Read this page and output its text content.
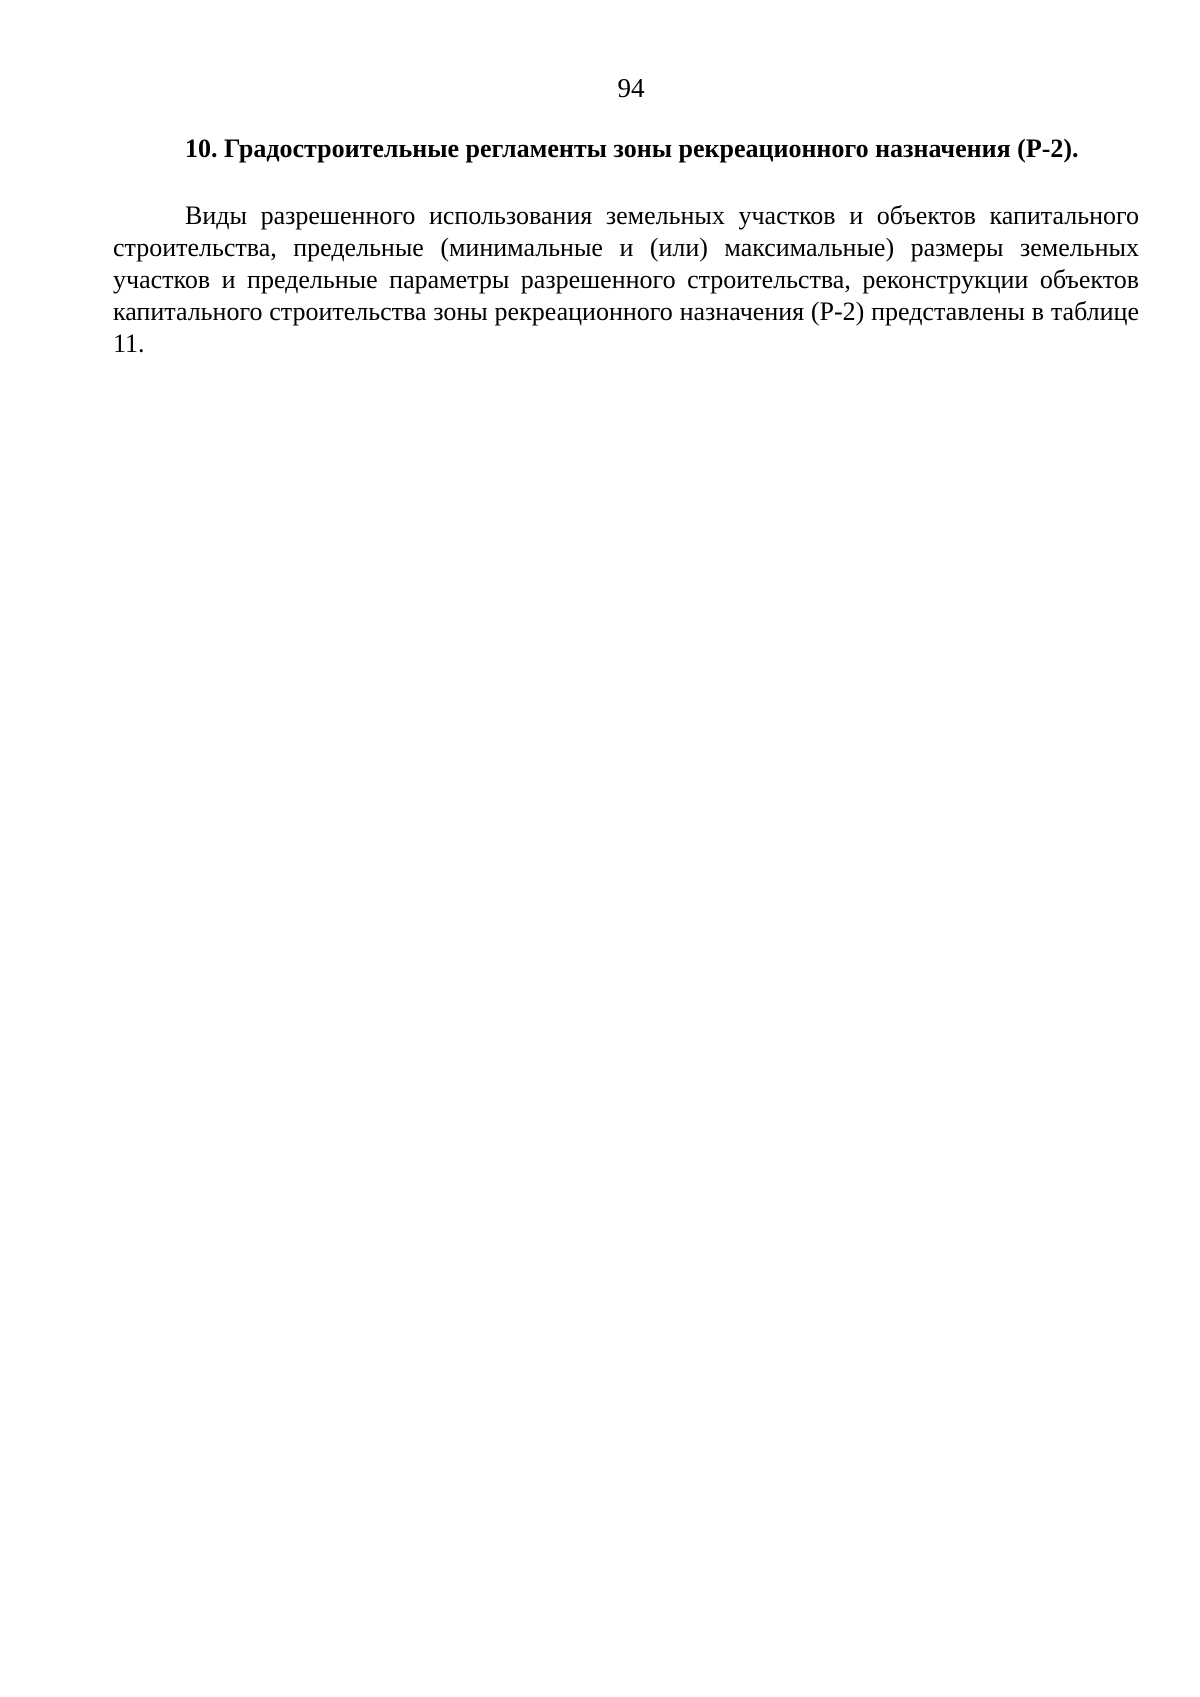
94
10. Градостроительные регламенты зоны рекреационного назначения (Р-2).

Виды разрешенного использования земельных участков и объектов капитального строительства, предельные (минимальные и (или) максимальные) размеры земельных участков и предельные параметры разрешенного строительства, реконструкции объектов капитального строительства зоны рекреационного назначения (Р-2) представлены в таблице 11.
